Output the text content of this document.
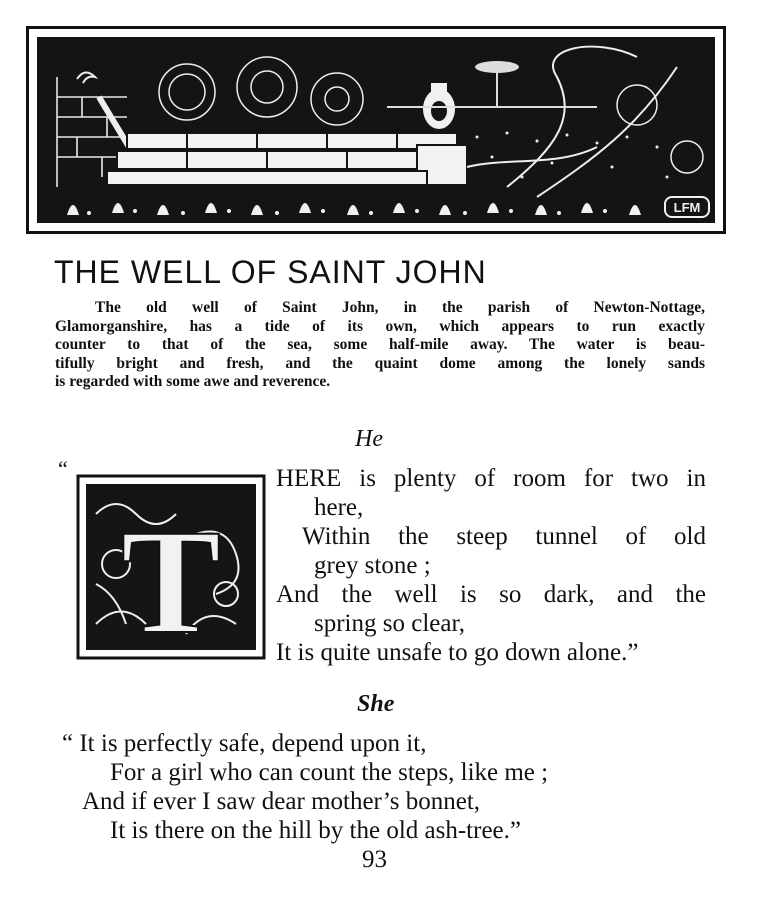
LFM
THE WELL OF SAINT JOHN

The old well of Saint John, in the parish of Newton-Nottage,
Glamorganshire, has a tide of its own, which appears to run exactly
counter to that of the sea, some half-mile away. The water is beau-
tifully bright and fresh, and the quaint dome among the lonely sands
is regarded with some awe and reverence.

He
“
T
HERE is plenty of room for two in
here,
Within the steep tunnel of old
grey stone ;
And the well is so dark, and the
spring so clear,
It is quite unsafe to go down alone.”
She
“ It is perfectly safe, depend upon it,
For a girl who can count the steps, like me ;
And if ever I saw dear mother’s bonnet,
It is there on the hill by the old ash-tree.”
93
